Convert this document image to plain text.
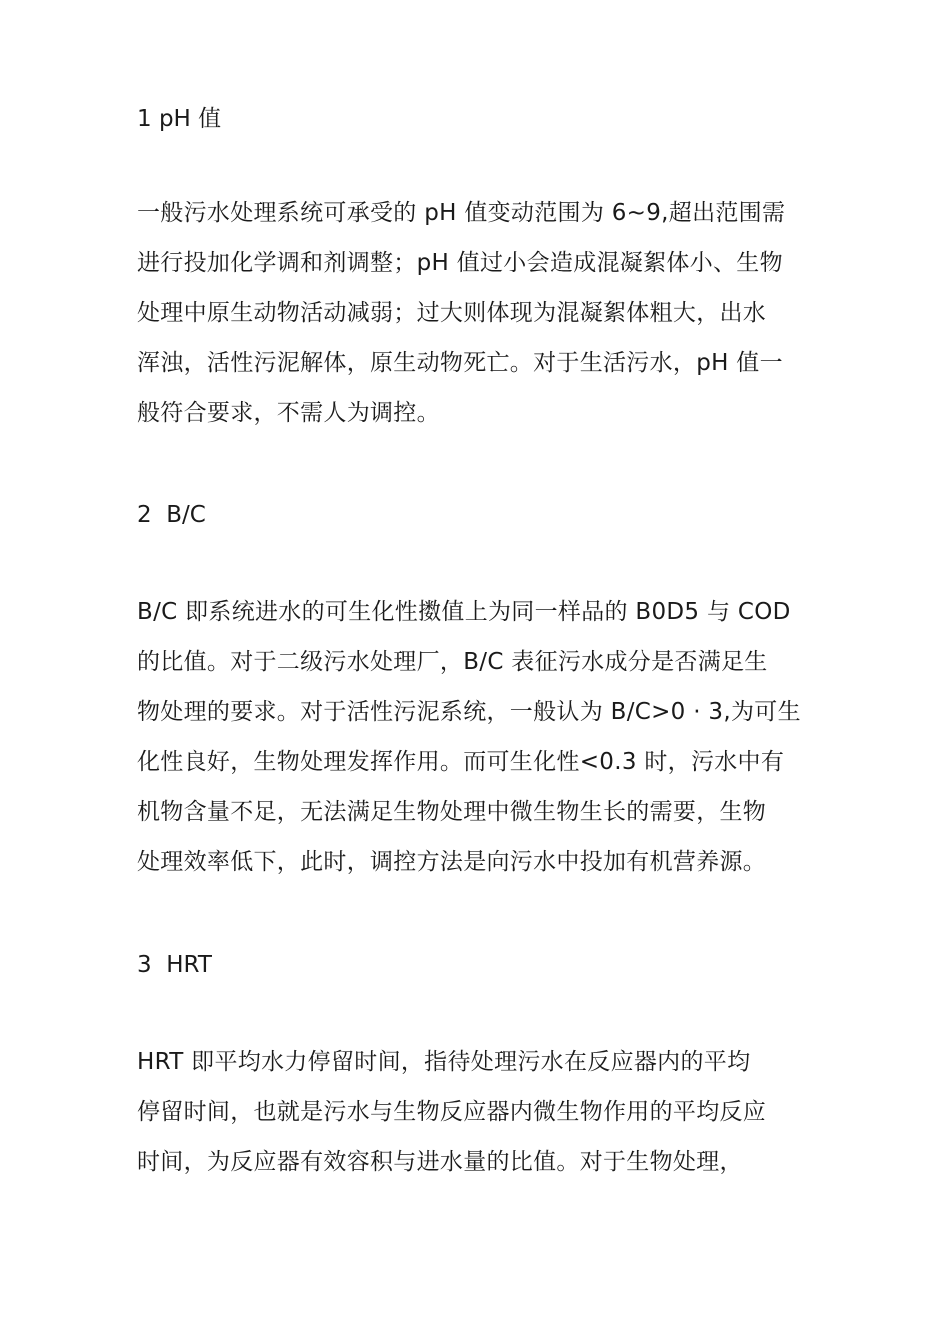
1 pH 值
一般污水处理系统可承受的 pH 值变动范围为 6~9,超出范围需
进行投加化学调和剂调整；pH 值过小会造成混凝絮体小、生物
处理中原生动物活动减弱；过大则体现为混凝絮体粗大，出水
浑浊，活性污泥解体，原生动物死亡。对于生活污水，pH 值一
般符合要求，不需人为调控。
2  B/C
B/C 即系统进水的可生化性擞值上为同一样品的 B0D5 与 COD
的比值。对于二级污水处理厂，B/C 表征污水成分是否满足生
物处理的要求。对于活性污泥系统，一般认为 B/C>0 · 3,为可生
化性良好，生物处理发挥作用。而可生化性<0.3 时，污水中有
机物含量不足，无法满足生物处理中微生物生长的需要，生物
处理效率低下，此时，调控方法是向污水中投加有机营养源。
3  HRT
HRT 即平均水力停留时间，指待处理污水在反应器内的平均
停留时间，也就是污水与生物反应器内微生物作用的平均反应
时间，为反应器有效容积与进水量的比值。对于生物处理，
